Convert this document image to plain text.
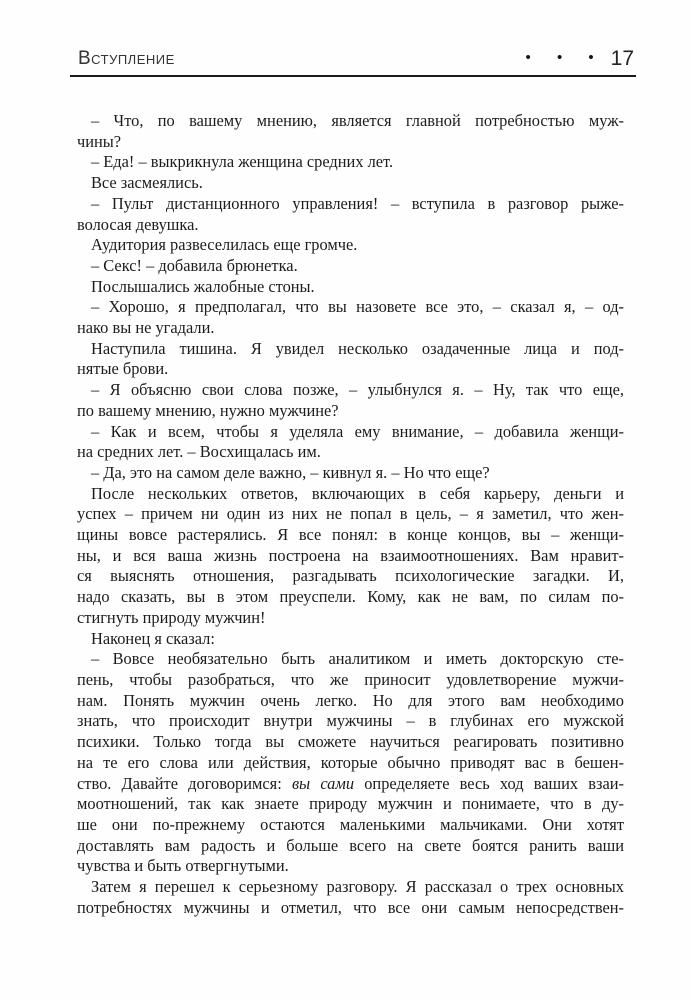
Вступление	• • • 17
– Что, по вашему мнению, является главной потребностью муж-
чины?
– Еда! – выкрикнула женщина средних лет.
Все засмеялись.
– Пульт дистанционного управления! – вступила в разговор рыже-
волосая девушка.
Аудитория развеселилась еще громче.
– Секс! – добавила брюнетка.
Послышались жалобные стоны.
– Хорошо, я предполагал, что вы назовете все это, – сказал я, – од-
нако вы не угадали.
Наступила тишина. Я увидел несколько озадаченные лица и под-
нятые брови.
– Я объясню свои слова позже, – улыбнулся я. – Ну, так что еще,
по вашему мнению, нужно мужчине?
– Как и всем, чтобы я уделяла ему внимание, – добавила женщи-
на средних лет. – Восхищалась им.
– Да, это на самом деле важно, – кивнул я. – Но что еще?
После нескольких ответов, включающих в себя карьеру, деньги и
успех – причем ни один из них не попал в цель, – я заметил, что жен-
щины вовсе растерялись. Я все понял: в конце концов, вы – женщи-
ны, и вся ваша жизнь построена на взаимоотношениях. Вам нравит-
ся выяснять отношения, разгадывать психологические загадки. И,
надо сказать, вы в этом преуспели. Кому, как не вам, по силам по-
стигнуть природу мужчин!
Наконец я сказал:
– Вовсе необязательно быть аналитиком и иметь докторскую сте-
пень, чтобы разобраться, что же приносит удовлетворение мужчи-
нам. Понять мужчин очень легко. Но для этого вам необходимо
знать, что происходит внутри мужчины – в глубинах его мужской
психики. Только тогда вы сможете научиться реагировать позитивно
на те его слова или действия, которые обычно приводят вас в бешен-
ство. Давайте договоримся: вы сами определяете весь ход ваших взаи-
моотношений, так как знаете природу мужчин и понимаете, что в ду-
ше они по-прежнему остаются маленькими мальчиками. Они хотят
доставлять вам радость и больше всего на свете боятся ранить ваши
чувства и быть отвергнутыми.
Затем я перешел к серьезному разговору. Я рассказал о трех основных
потребностях мужчины и отметил, что все они самым непосредствен-
